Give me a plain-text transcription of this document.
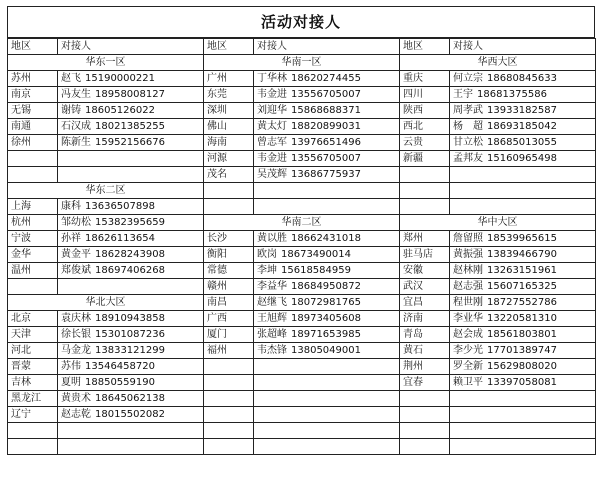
活动对接人
地区	对接人
华东一区	
苏州	赵飞 15190000221
南京	冯友生 18958008127
无锡	谢铸 18605126022
南通	石汉成 18021385255
徐州	陈新生 15952156676

华东二区	
上海	康科 13636507898
杭州	邹幼松 15382395659
宁波	孙祥 18626113654
金华	黄金平 18628243908
温州	郑俊斌 18697406268

华北大区	
北京	袁庆林 18910943858
天津	徐长银 15301087236
河北	马金龙 13833121299
晋蒙	苏伟 13546458720
吉林	夏明 18850559190
黑龙江	黄贵术 18645062138
辽宁	赵志乾 18015502082

地区	对接人
华南一区	
广州	丁华林 18620274455
东莞	韦金进 13556705007
深圳	刘迎华 15868688371
佛山	黄太灯 18820899031
海南	曾志军 13976651496
河源	韦金进 13556705007
茂名	吴茂辉 13686775937

华南二区	
长沙	黄以胜 18662431018
衡阳	欧岗 18673490014
常德	李坤 15618584959
赣州	李益华 18684950872
南昌	赵继飞 18072981765
广西	王旭辉 18973405608
厦门	张超峰 18971653985
福州	韦杰锋 13805049001

地区	对接人
华西大区	
重庆	何立宗 18680845633
四川	王宇 18681375586
陕西	周孝武 13933182587
西北	杨　超 18693185042
云贵	甘立松 18685013055
新疆	孟邦友 15160965498

华中大区	
郑州	詹留照 18539965615
驻马店	黄振强 13839466790
安徽	赵林刚 13263151961
武汉	赵志强 15607165325
宜昌	程世刚 18727552786
济南	李业华 13220581310
青岛	赵会成 18561803801
黄石	李少光 17701389747
荆州	罗全新 15629808020
宜春	赖卫平 13397058081
